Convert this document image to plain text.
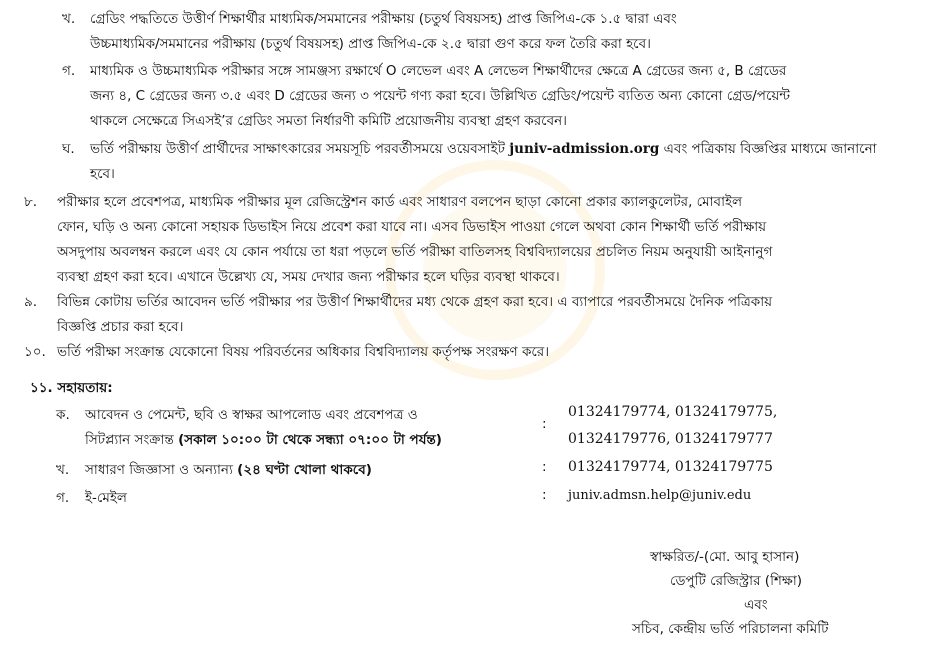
খ. গ্রেডিং পদ্ধতিতে উত্তীর্ণ শিক্ষার্থীর মাধ্যমিক/সমমানের পরীক্ষায় (চতুর্থ বিষয়সহ) প্রাপ্ত জিপিএ-কে ১.৫ দ্বারা এবং
উচ্চমাধ্যমিক/সমমানের পরীক্ষায় (চতুর্থ বিষয়সহ) প্রাপ্ত জিপিএ-কে ২.৫ দ্বারা গুণ করে ফল তৈরি করা হবে।
গ. মাধ্যমিক ও উচ্চমাধ্যমিক পরীক্ষার সঙ্গে সামঞ্জস্য রক্ষার্থে O লেভেল এবং A লেভেল শিক্ষার্থীদের ক্ষেত্রে A গ্রেডের জন্য ৫, B গ্রেডের
জন্য ৪, C গ্রেডের জন্য ৩.৫ এবং D গ্রেডের জন্য ৩ পয়েন্ট গণ্য করা হবে। উল্লিখিত গ্রেডিং/পয়েন্ট ব্যতিত অন্য কোনো গ্রেড/পয়েন্ট
থাকলে সেক্ষেত্রে সিএসই’র গ্রেডিং সমতা নির্ধারণী কমিটি প্রয়োজনীয় ব্যবস্থা গ্রহণ করবেন।
ঘ. ভর্তি পরীক্ষায় উত্তীর্ণ প্রার্থীদের সাক্ষাৎকারের সময়সূচি পরবর্তীসময়ে ওয়েবসাইট juniv-admission.org এবং পত্রিকায় বিজ্ঞপ্তির মাধ্যমে জানানো
হবে।
৮. পরীক্ষার হলে প্রবেশপত্র, মাধ্যমিক পরীক্ষার মূল রেজিস্ট্রেশন কার্ড এবং সাধারণ বলপেন ছাড়া কোনো প্রকার ক্যালকুলেটর, মোবাইল
ফোন, ঘড়ি ও অন্য কোনো সহায়ক ডিভাইস নিয়ে প্রবেশ করা যাবে না। এসব ডিভাইস পাওয়া গেলে অথবা কোন শিক্ষার্থী ভর্তি পরীক্ষায়
অসদুপায় অবলম্বন করলে এবং যে কোন পর্যায়ে তা ধরা পড়লে ভর্তি পরীক্ষা বাতিলসহ বিশ্ববিদ্যালয়ের প্রচলিত নিয়ম অনুযায়ী আইনানুগ
ব্যবস্থা গ্রহণ করা হবে। এখানে উল্লেখ্য যে, সময় দেখার জন্য পরীক্ষার হলে ঘড়ির ব্যবস্থা থাকবে।
৯. বিভিন্ন কোটায় ভর্তির আবেদন ভর্তি পরীক্ষার পর উত্তীর্ণ শিক্ষার্থীদের মধ্য থেকে গ্রহণ করা হবে। এ ব্যাপারে পরবর্তীসময়ে দৈনিক পত্রিকায়
বিজ্ঞপ্তি প্রচার করা হবে।
১০. ভর্তি পরীক্ষা সংক্রান্ত যেকোনো বিষয় পরিবর্তনের অধিকার বিশ্ববিদ্যালয় কর্তৃপক্ষ সংরক্ষণ করে।
১১. সহায়তায়:
ক. আবেদন ও পেমেন্ট, ছবি ও স্বাক্ষর আপলোড এবং প্রবেশপত্র ও
সিটপ্ল্যান সংক্রান্ত (সকাল ১০:০০ টা থেকে সন্ধ্যা ০৭:০০ টা পর্যন্ত)
:
01324179774, 01324179775,
01324179776, 01324179777
খ. সাধারণ জিজ্ঞাসা ও অন্যান্য (২৪ ঘণ্টা খোলা থাকবে)	: 01324179774, 01324179775
গ. ই-মেইল	: juniv.admsn.help@juniv.edu
স্বাক্ষরিত/-(মো. আবু হাসান)
ডেপুটি রেজিস্ট্রার (শিক্ষা)
এবং
সচিব, কেন্দ্রীয় ভর্তি পরিচালনা কমিটি
